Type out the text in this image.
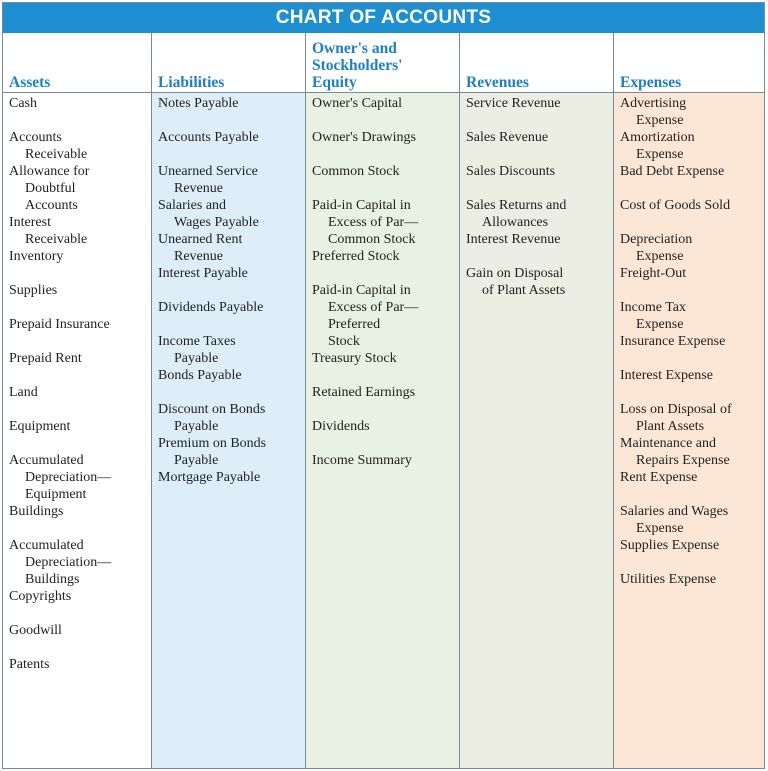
CHART OF ACCOUNTS
Assets
Cash
Accounts
Receivable
Allowance for
Doubtful
Accounts
Interest
Receivable
Inventory
Supplies
Prepaid Insurance
Prepaid Rent
Land
Equipment
Accumulated
Depreciation—
Equipment
Buildings
Accumulated
Depreciation—
Buildings
Copyrights
Goodwill
Patents
Liabilities
Notes Payable
Accounts Payable
Unearned Service
Revenue
Salaries and
Wages Payable
Unearned Rent
Revenue
Interest Payable
Dividends Payable
Income Taxes
Payable
Bonds Payable
Discount on Bonds
Payable
Premium on Bonds
Payable
Mortgage Payable
Owner's and
Stockholders'
Equity
Owner's Capital
Owner's Drawings
Common Stock
Paid-in Capital in
Excess of Par—
Common Stock
Preferred Stock
Paid-in Capital in
Excess of Par—
Preferred
Stock
Treasury Stock
Retained Earnings
Dividends
Income Summary
Revenues
Service Revenue
Sales Revenue
Sales Discounts
Sales Returns and
Allowances
Interest Revenue
Gain on Disposal
of Plant Assets
Expenses
Advertising
Expense
Amortization
Expense
Bad Debt Expense
Cost of Goods Sold
Depreciation
Expense
Freight-Out
Income Tax
Expense
Insurance Expense
Interest Expense
Loss on Disposal of
Plant Assets
Maintenance and
Repairs Expense
Rent Expense
Salaries and Wages
Expense
Supplies Expense
Utilities Expense
